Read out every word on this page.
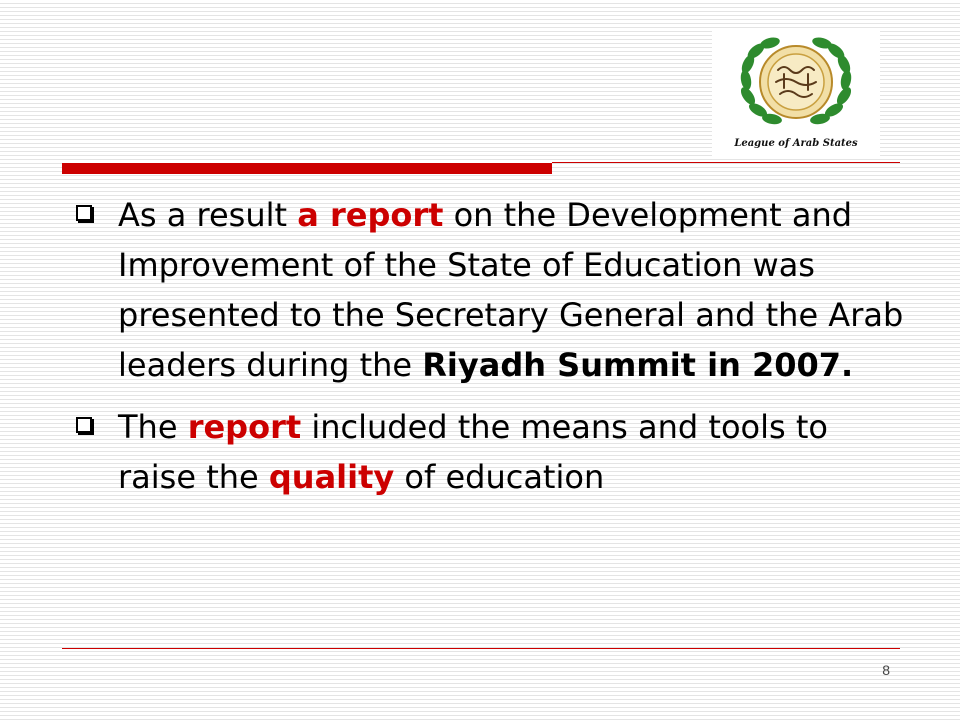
League of Arab States
As a result a report on the Development and Improvement of the State of Education was presented to the Secretary General and the Arab leaders during the Riyadh Summit in 2007.
The report included the means and tools to raise the quality of education
8
